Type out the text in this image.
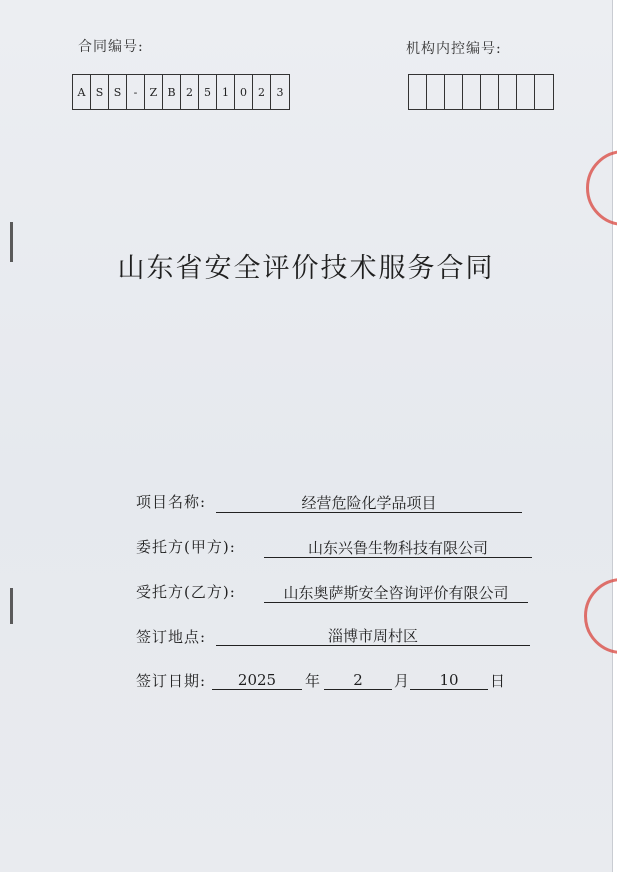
合同编号:
A S S	-	Z B 2	5	1	0	2	3
机构内控编号:
山东省安全评价技术服务合同
项目名称:	经营危险化学品项目
委托方(甲方):	山东兴鲁生物科技有限公司
受托方(乙方):	山东奥萨斯安全咨询评价有限公司
签订地点:	淄博市周村区
签订日期:	2025	年	2	月	10	日
